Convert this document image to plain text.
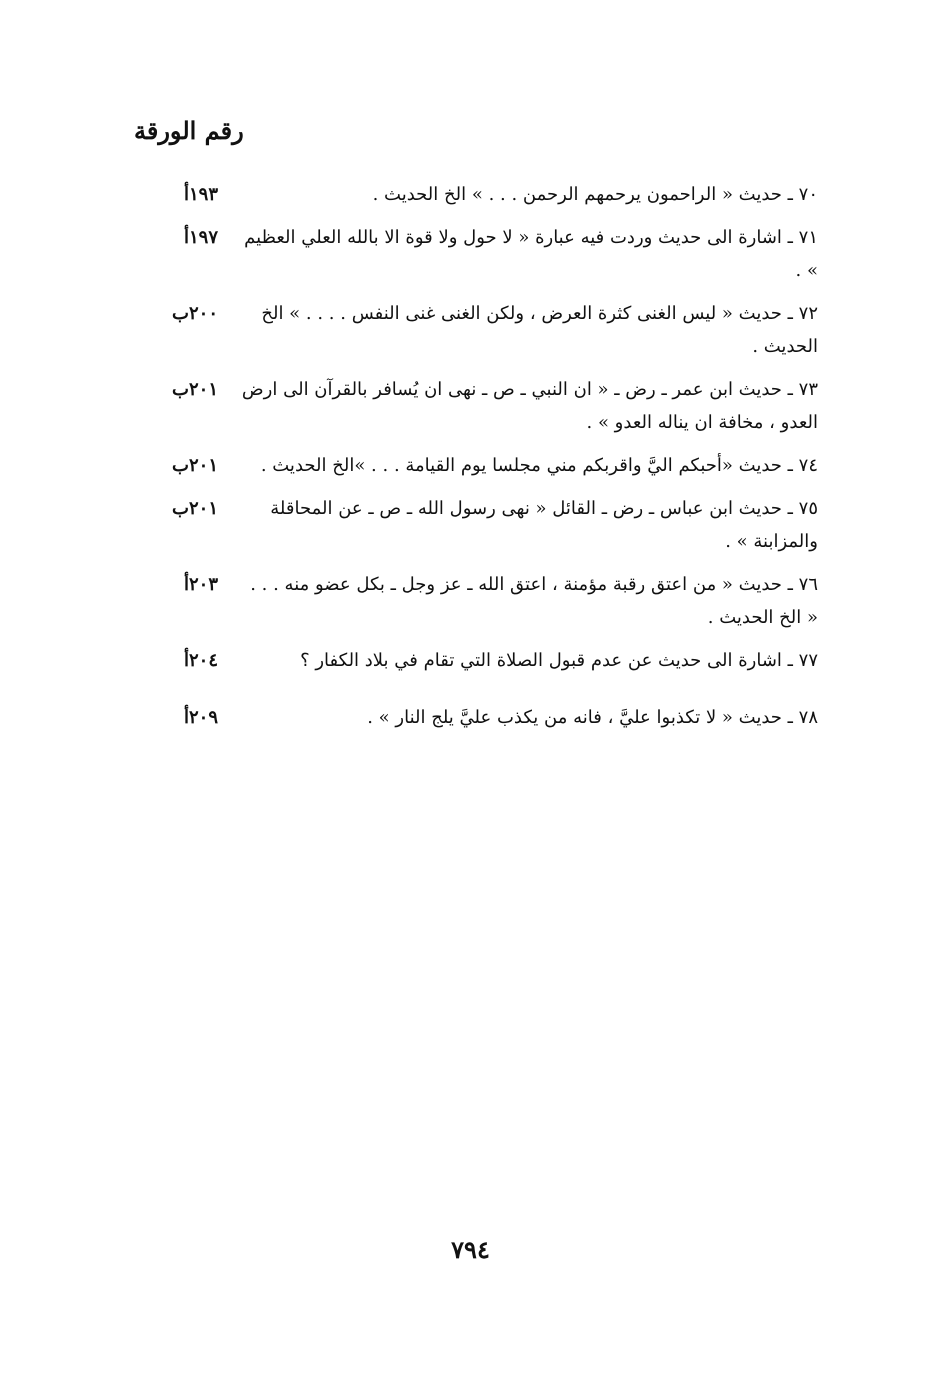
رقم الورقة
٧٠ ـ حديث « الراحمون يرحمهم الرحمن . . . » الخ الحديث .
١٩٣أ
٧١ ـ اشارة الى حديث وردت فيه عبارة « لا حول ولا قوة الا بالله العلي العظيم » .
١٩٧أ
٧٢ ـ حديث « ليس الغنى كثرة العرض ، ولكن الغنى غنى النفس . . . . » الخ الحديث .
٢٠٠ب
٧٣ ـ حديث ابن عمر ـ رض ـ « ان النبي ـ ص ـ نهى ان يُسافر بالقرآن الى ارض العدو ، مخافة ان يناله العدو » .
٢٠١ب
٧٤ ـ حديث «أحبكم اليَّ واقربكم مني مجلسا يوم القيامة . . . »الخ الحديث .
٢٠١ب
٧٥ ـ حديث ابن عباس ـ رض ـ القائل « نهى رسول الله ـ ص ـ عن المحاقلة والمزابنة » .
٢٠١ب
٧٦ ـ حديث « من اعتق رقبة مؤمنة ، اعتق الله ـ عز وجل ـ بكل عضو منه . . . « الخ الحديث .
٢٠٣أ
٧٧ ـ اشارة الى حديث عن عدم قبول الصلاة التي تقام في بلاد الكفار ؟
٢٠٤أ
٧٨ ـ حديث « لا تكذبوا عليَّ ، فانه من يكذب عليَّ يلج النار » .
٢٠٩أ
٧٩٤
